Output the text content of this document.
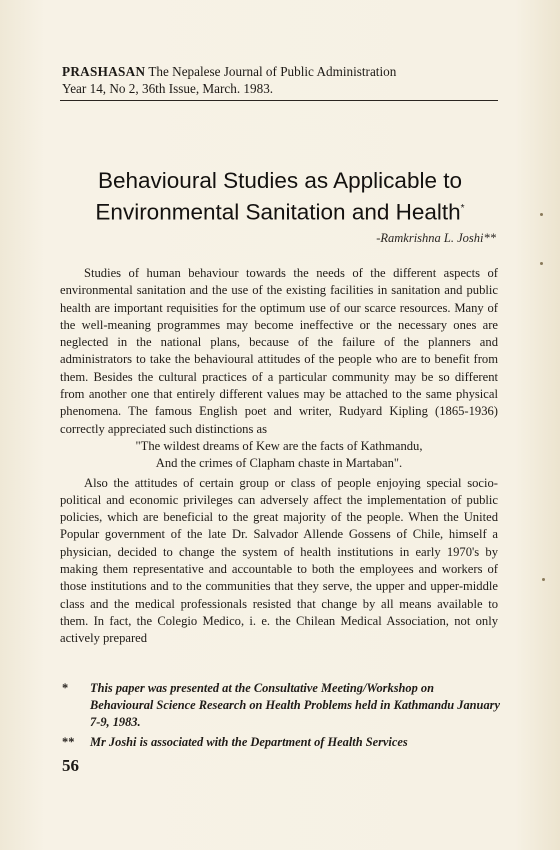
PRASHASAN The Nepalese Journal of Public Administration
Year 14, No 2, 36th Issue, March. 1983.
Behavioural Studies as Applicable to
Environmental Sanitation and Health*
-Ramkrishna L. Joshi**

Studies of human behaviour towards the needs of the different aspects of environmental sanitation and the use of the existing facilities in sanitation and public health are important requisities for the optimum use of our scarce resources. Many of the well-meaning programmes may become ineffective or the necessary ones are neglected in the national plans, because of the failure of the planners and administrators to take the behavioural attitudes of the people who are to benefit from them. Besides the cultural practices of a particular community may be so different from another one that entirely different values may be attached to the same physical phenomena. The famous English poet and writer, Rudyard Kipling (1865-1936) correctly appreciated such distinctions as

"The wildest dreams of Kew are the facts of Kathmandu,
And the crimes of Clapham chaste in Martaban".

Also the attitudes of certain group or class of people enjoying special socio-political and economic privileges can adversely affect the implementation of public policies, which are beneficial to the great majority of the people. When the United Popular government of the late Dr. Salvador Allende Gossens of Chile, himself a physician, decided to change the system of health institutions in early 1970's by making them representative and accountable to both the employees and workers of those institutions and to the communities that they serve, the upper and upper-middle class and the medical professionals resisted that change by all means available to them. In fact, the Colegio Medico, i. e. the Chilean Medical Association, not only actively prepared

*	This paper was presented at the Consultative Meeting/Workshop on Behavioural Science Research on Health Problems held in Kathmandu January 7-9, 1983.
**	Mr Joshi is associated with the Department of Health Services
56
